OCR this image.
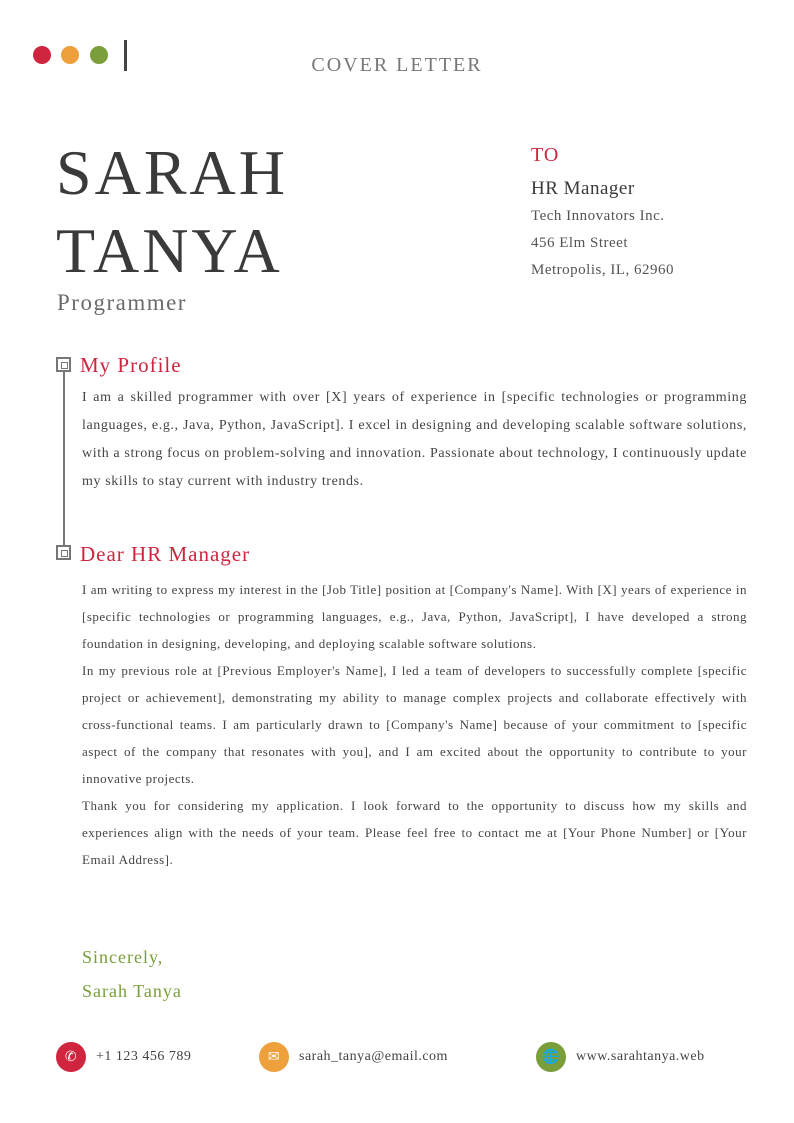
COVER LETTER
SARAH
TANYA
Programmer
TO
HR Manager
Tech Innovators Inc.
456 Elm Street
Metropolis, IL, 62960
My Profile
I am a skilled programmer with over [X] years of experience in [specific technologies or programming languages, e.g., Java, Python, JavaScript]. I excel in designing and developing scalable software solutions, with a strong focus on problem-solving and innovation. Passionate about technology, I continuously update my skills to stay current with industry trends.
Dear HR Manager

I am writing to express my interest in the [Job Title] position at [Company's Name]. With [X] years of experience in [specific technologies or programming languages, e.g., Java, Python, JavaScript], I have developed a strong foundation in designing, developing, and deploying scalable software solutions.

In my previous role at [Previous Employer's Name], I led a team of developers to successfully complete [specific project or achievement], demonstrating my ability to manage complex projects and collaborate effectively with cross-functional teams. I am particularly drawn to [Company's Name] because of your commitment to [specific aspect of the company that resonates with you], and I am excited about the opportunity to contribute to your innovative projects.

Thank you for considering my application. I look forward to the opportunity to discuss how my skills and experiences align with the needs of your team. Please feel free to contact me at [Your Phone Number] or [Your Email Address].

Sincerely,
Sarah Tanya
✆	+1 123 456 789	✉	sarah_tanya@email.com	🌐	www.sarahtanya.web
